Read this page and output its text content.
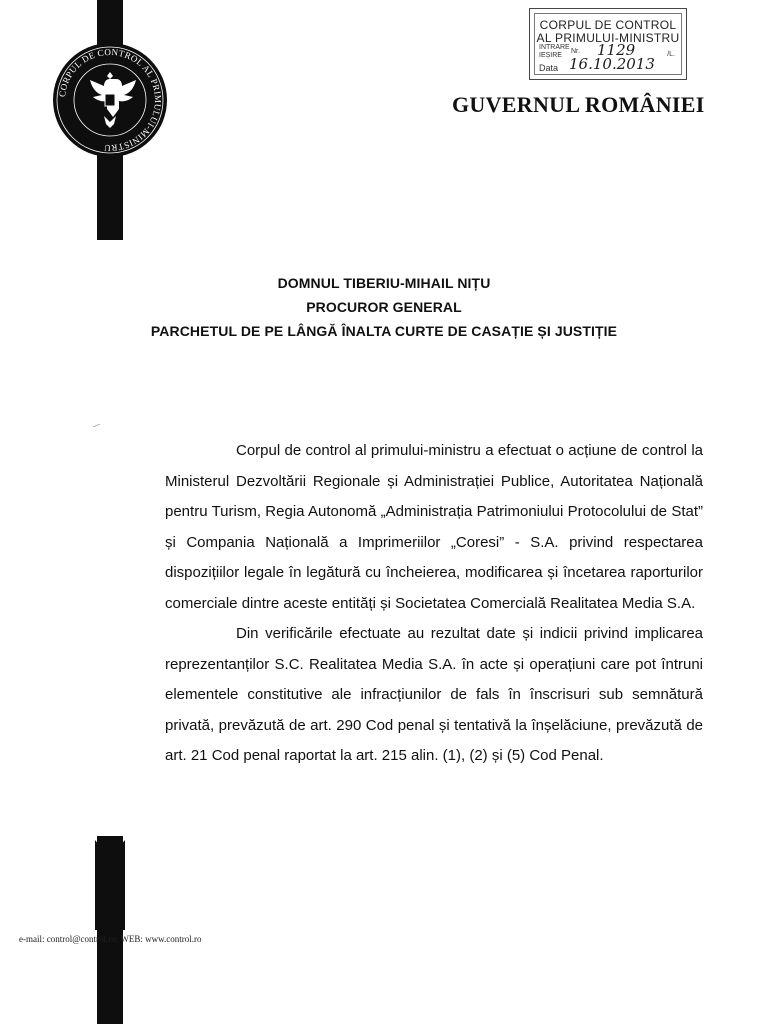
CORPUL DE CONTROL AL PRIMULUI-MINISTRU
CORPUL DE CONTROL
AL PRIMULUI-MINISTRU
INTRARE
IEȘIRE
Nr. 1129	/L.
Data 16.10.2013
GUVERNUL ROMÂNIEI
DOMNUL TIBERIU-MIHAIL NIȚU
PROCUROR GENERAL
PARCHETUL DE PE LÂNGĂ ÎNALTA CURTE DE CASAȚIE ȘI JUSTIȚIE

Corpul de control al primului-ministru a efectuat o acțiune de control la Ministerul Dezvoltării Regionale și Administrației Publice, Autoritatea Națională pentru Turism, Regia Autonomă „Administrația Patrimoniului Protocolului de Stat” și Compania Națională a Imprimeriilor „Coresi” - S.A. privind respectarea dispozițiilor legale în legătură cu încheierea, modificarea și încetarea raporturilor comerciale dintre aceste entități și Societatea Comercială Realitatea Media S.A.

Din verificările efectuate au rezultat date și indicii privind implicarea reprezentanților S.C. Realitatea Media S.A. în acte și operațiuni care pot întruni elementele constitutive ale infracțiunilor de fals în înscrisuri sub semnătură privată, prevăzută de art. 290 Cod penal și tentativă la înșelăciune, prevăzută de art. 21 Cod penal raportat la art. 215 alin. (1), (2) și (5) Cod Penal.

e-mail: control@control.ro; WEB: www.control.ro
